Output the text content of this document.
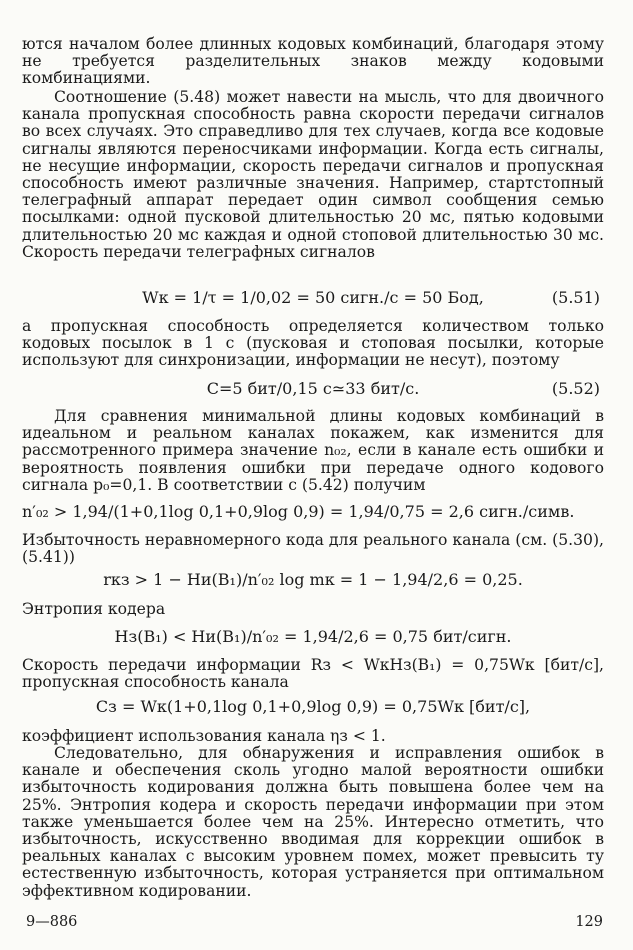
ются началом более длинных кодовых комбинаций, благодаря этому не требуется разделительных знаков между кодовыми комбинациями.

Соотношение (5.48) может навести на мысль, что для двоичного канала пропускная способность равна скорости передачи сигналов во всех случаях. Это справедливо для тех случаев, когда все кодовые сигналы являются переносчиками информации. Когда есть сигналы, не несущие информации, скорость передачи сигналов и пропускная способность имеют различные значения. Например, стартстопный телеграфный аппарат передает один символ сообщения семью посылками: одной пусковой длительностью 20 мс, пятью кодовыми длительностью 20 мс каждая и одной стоповой длительностью 30 мс. Скорость передачи телеграфных сигналов

Wк = 1/τ = 1/0,02 = 50 сигн./с = 50 Бод,	(5.51)

а пропускная способность определяется количеством только кодовых посылок в 1 с (пусковая и стоповая посылки, которые используют для синхронизации, информации не несут), поэтому

C=5 бит/0,15 с≃33 бит/с.	(5.52)

Для сравнения минимальной длины кодовых комбинаций в идеальном и реальном каналах покажем, как изменится для рассмотренного примера значение n₀₂, если в канале есть ошибки и вероятность появления ошибки при передаче одного кодового сигнала p₀=0,1. В соответствии с (5.42) получим

n′₀₂ > 1,94/(1+0,1log 0,1+0,9log 0,9) = 1,94/0,75 = 2,6 сигн./симв.

Избыточность неравномерного кода для реального канала (см. (5.30), (5.41))

rкз > 1 − Hи(B₁)/n′₀₂ log mк = 1 − 1,94/2,6 = 0,25.

Энтропия кодера

Hз(B₁) < Hи(B₁)/n′₀₂ = 1,94/2,6 = 0,75 бит/сигн.

Скорость передачи информации Rз < WкHз(B₁) = 0,75Wк [бит/с], пропускная способность канала

Cз = Wк(1+0,1log 0,1+0,9log 0,9) = 0,75Wк [бит/с],

коэффициент использования канала ηз < 1.

Следовательно, для обнаружения и исправления ошибок в канале и обеспечения сколь угодно малой вероятности ошибки избыточность кодирования должна быть повышена более чем на 25%. Энтропия кодера и скорость передачи информации при этом также уменьшается более чем на 25%. Интересно отметить, что избыточность, искусственно вводимая для коррекции ошибок в реальных каналах с высоким уровнем помех, может превысить ту естественную избыточность, которая устраняется при оптимальном эффективном кодировании.

9—886	129
